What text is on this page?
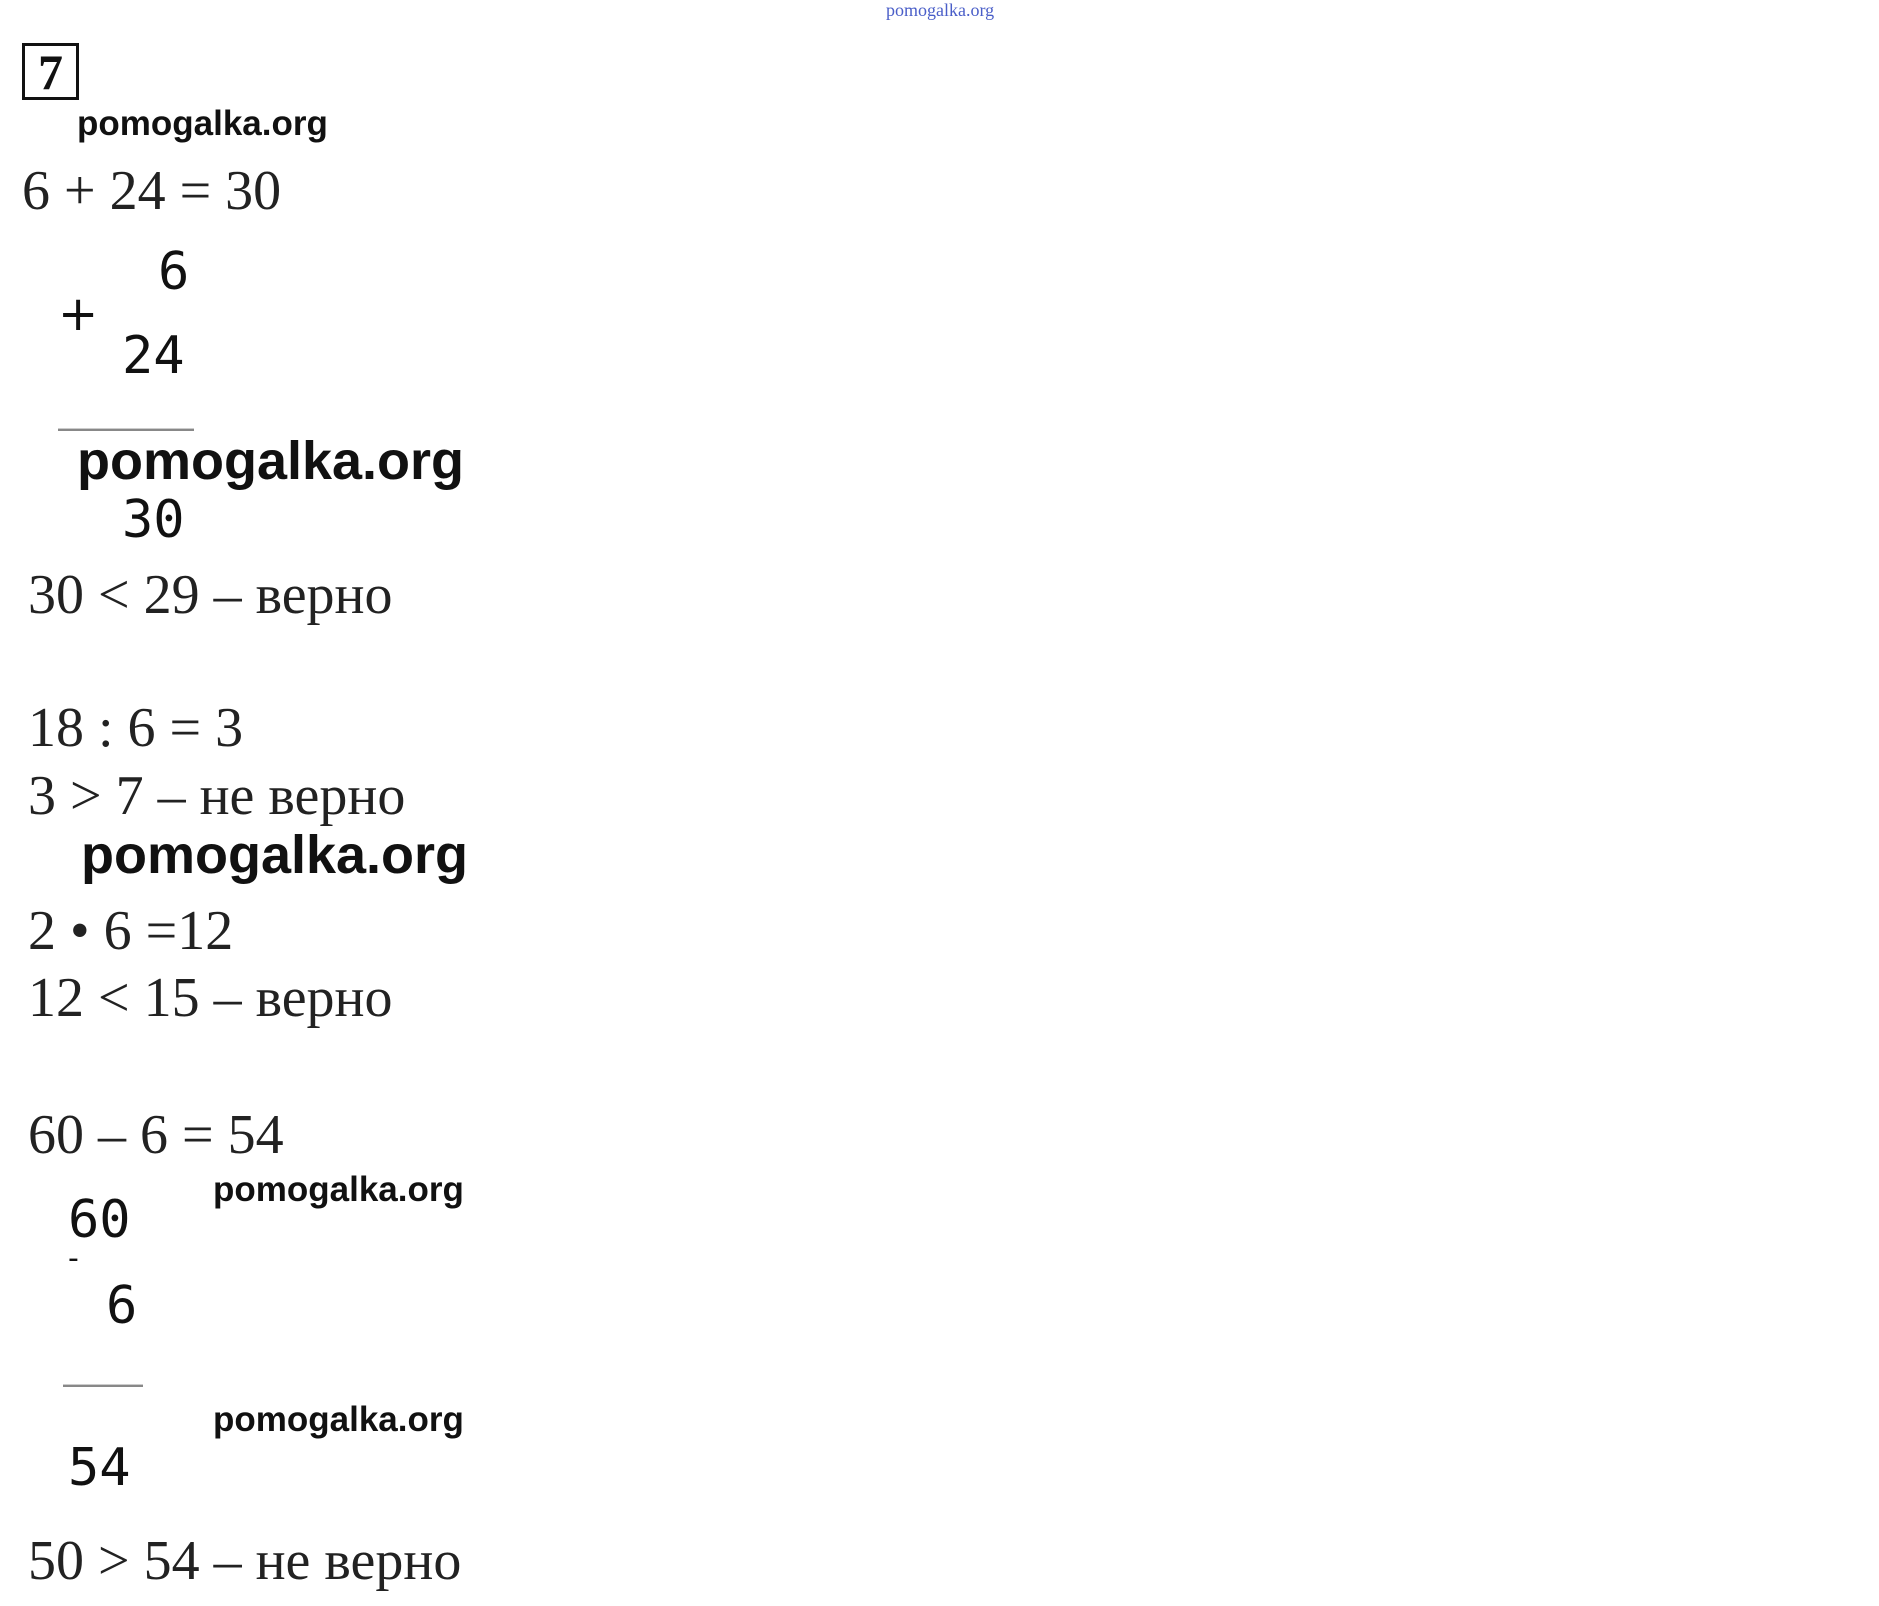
pomogalka.org
7
pomogalka.org
6 + 24 = 30
6
+
24
pomogalka.org
30
30 < 29 – верно
18 : 6 = 3
3 > 7 – не верно
pomogalka.org
2 • 6 =12
12 < 15 – верно
60 – 6 = 54
pomogalka.org
60
-
6
pomogalka.org
54
50 > 54 – не верно
